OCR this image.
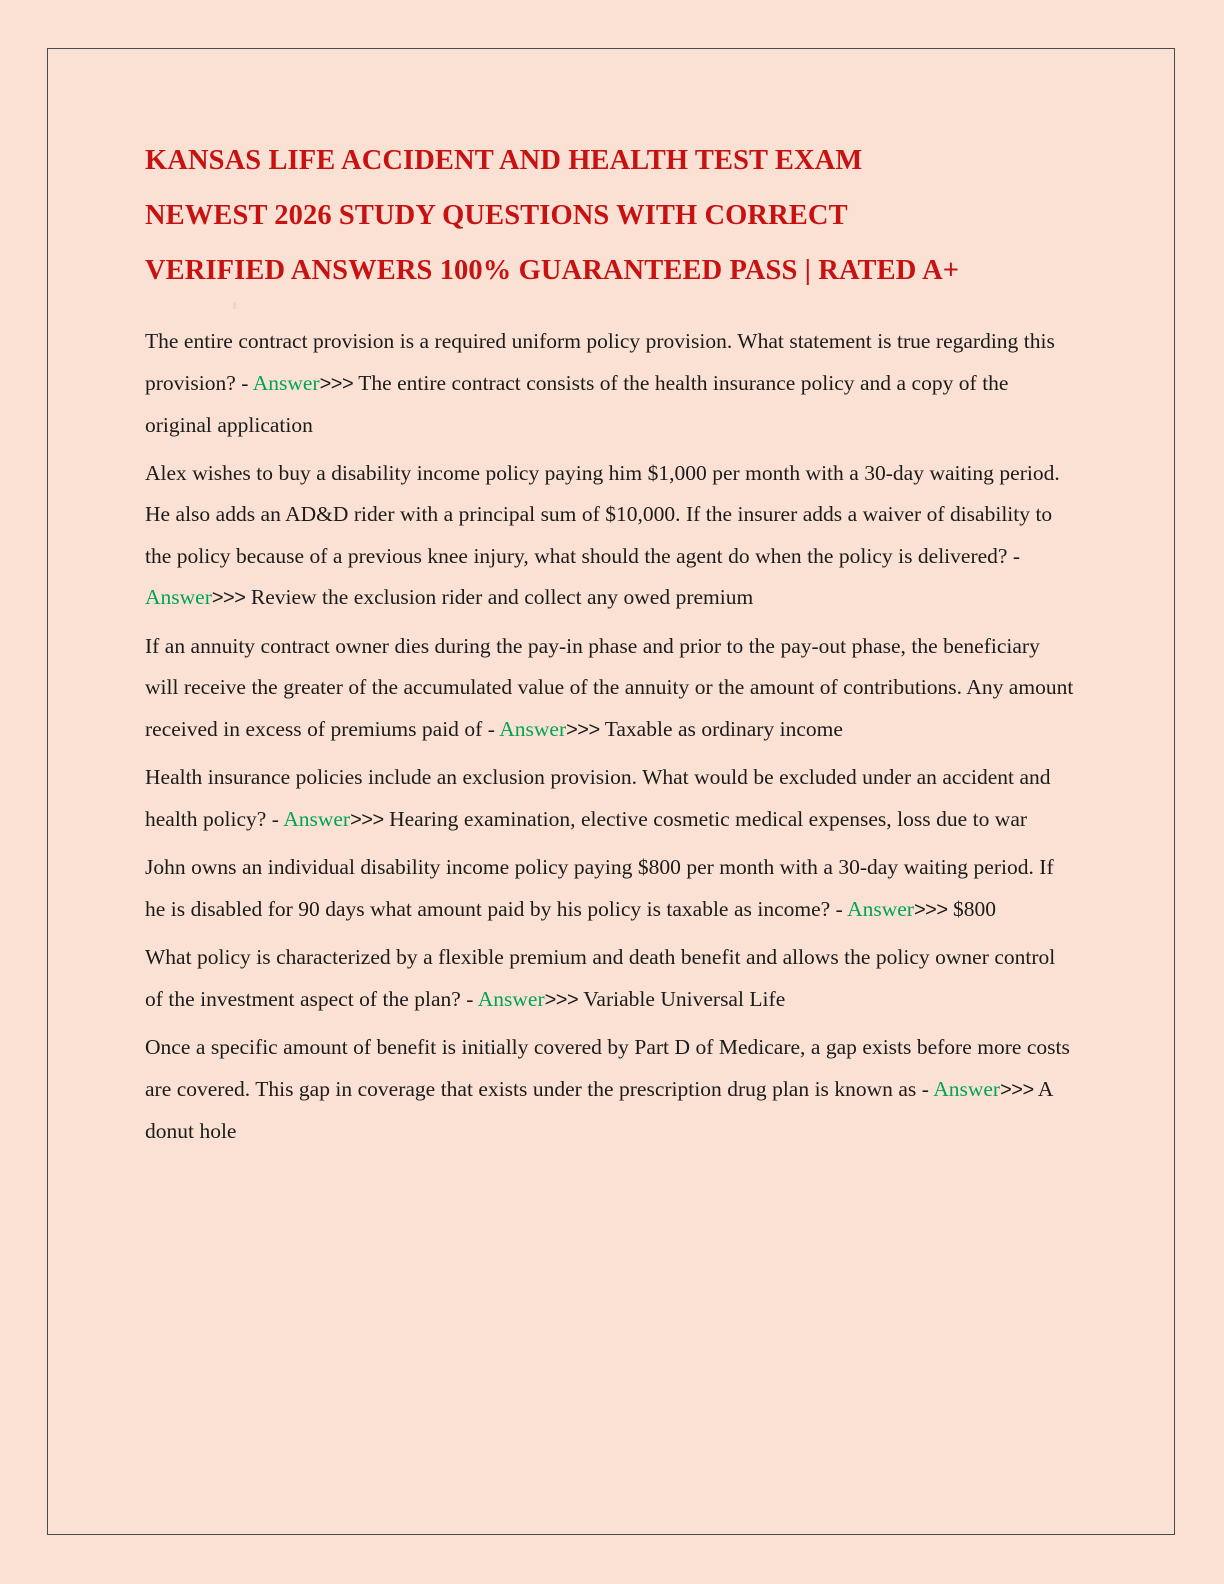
KANSAS LIFE ACCIDENT AND HEALTH TEST EXAM
NEWEST 2026 STUDY QUESTIONS WITH CORRECT
VERIFIED ANSWERS 100% GUARANTEED PASS | RATED A+

The entire contract provision is a required uniform policy provision. What statement is true regarding this provision? - Answer>>> The entire contract consists of the health insurance policy and a copy of the original application

Alex wishes to buy a disability income policy paying him $1,000 per month with a 30-day waiting period. He also adds an AD&D rider with a principal sum of $10,000. If the insurer adds a waiver of disability to the policy because of a previous knee injury, what should the agent do when the policy is delivered? - Answer>>> Review the exclusion rider and collect any owed premium

If an annuity contract owner dies during the pay-in phase and prior to the pay-out phase, the beneficiary will receive the greater of the accumulated value of the annuity or the amount of contributions. Any amount received in excess of premiums paid of - Answer>>> Taxable as ordinary income

Health insurance policies include an exclusion provision. What would be excluded under an accident and health policy? - Answer>>> Hearing examination, elective cosmetic medical expenses, loss due to war

John owns an individual disability income policy paying $800 per month with a 30-day waiting period. If he is disabled for 90 days what amount paid by his policy is taxable as income? - Answer>>> $800

What policy is characterized by a flexible premium and death benefit and allows the policy owner control of the investment aspect of the plan? - Answer>>> Variable Universal Life

Once a specific amount of benefit is initially covered by Part D of Medicare, a gap exists before more costs are covered. This gap in coverage that exists under the prescription drug plan is known as - Answer>>> A donut hole
